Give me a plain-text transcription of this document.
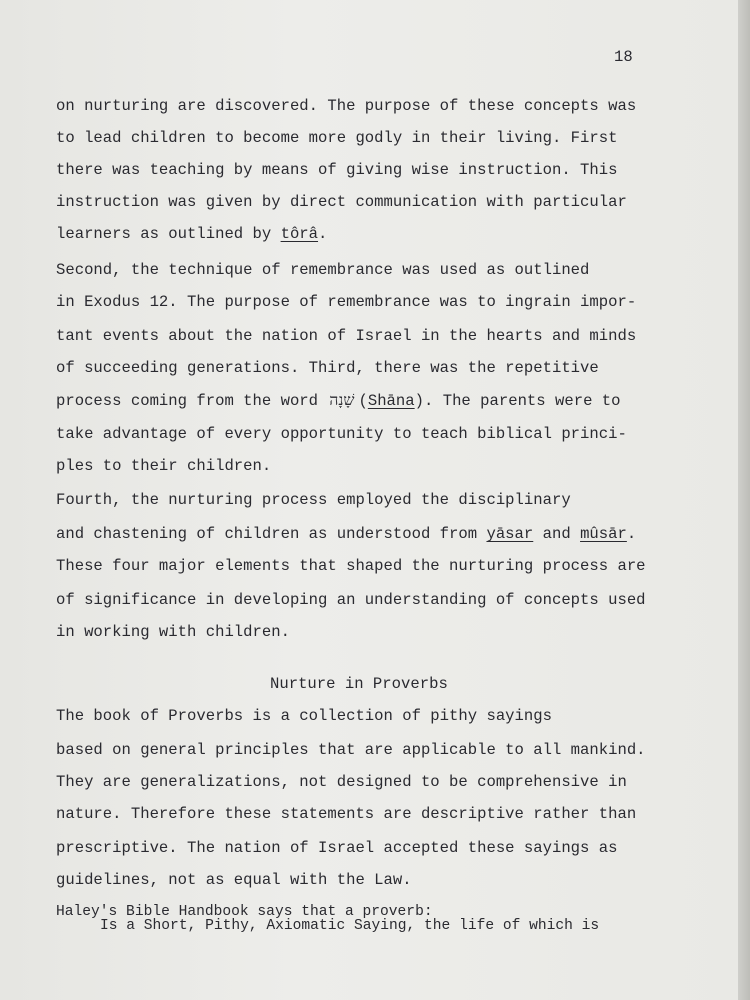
18
on nurturing are discovered. The purpose of these concepts was
to lead children to become more godly in their living. First
there was teaching by means of giving wise instruction. This
instruction was given by direct communication with particular
learners as outlined by tôrâ.
Second, the technique of remembrance was used as outlined
in Exodus 12. The purpose of remembrance was to ingrain impor-
tant events about the nation of Israel in the hearts and minds
of succeeding generations. Third, there was the repetitive
process coming from the word שָׁנָה (Shāna). The parents were to
take advantage of every opportunity to teach biblical princi-
ples to their children.
Fourth, the nurturing process employed the disciplinary
and chastening of children as understood from yāsar and mûsār.
These four major elements that shaped the nurturing process are
of significance in developing an understanding of concepts used
in working with children.
Nurture in Proverbs
The book of Proverbs is a collection of pithy sayings
based on general principles that are applicable to all mankind.
They are generalizations, not designed to be comprehensive in
nature. Therefore these statements are descriptive rather than
prescriptive. The nation of Israel accepted these sayings as
guidelines, not as equal with the Law.
Haley's Bible Handbook says that a proverb:
Is a Short, Pithy, Axiomatic Saying, the life of which is
